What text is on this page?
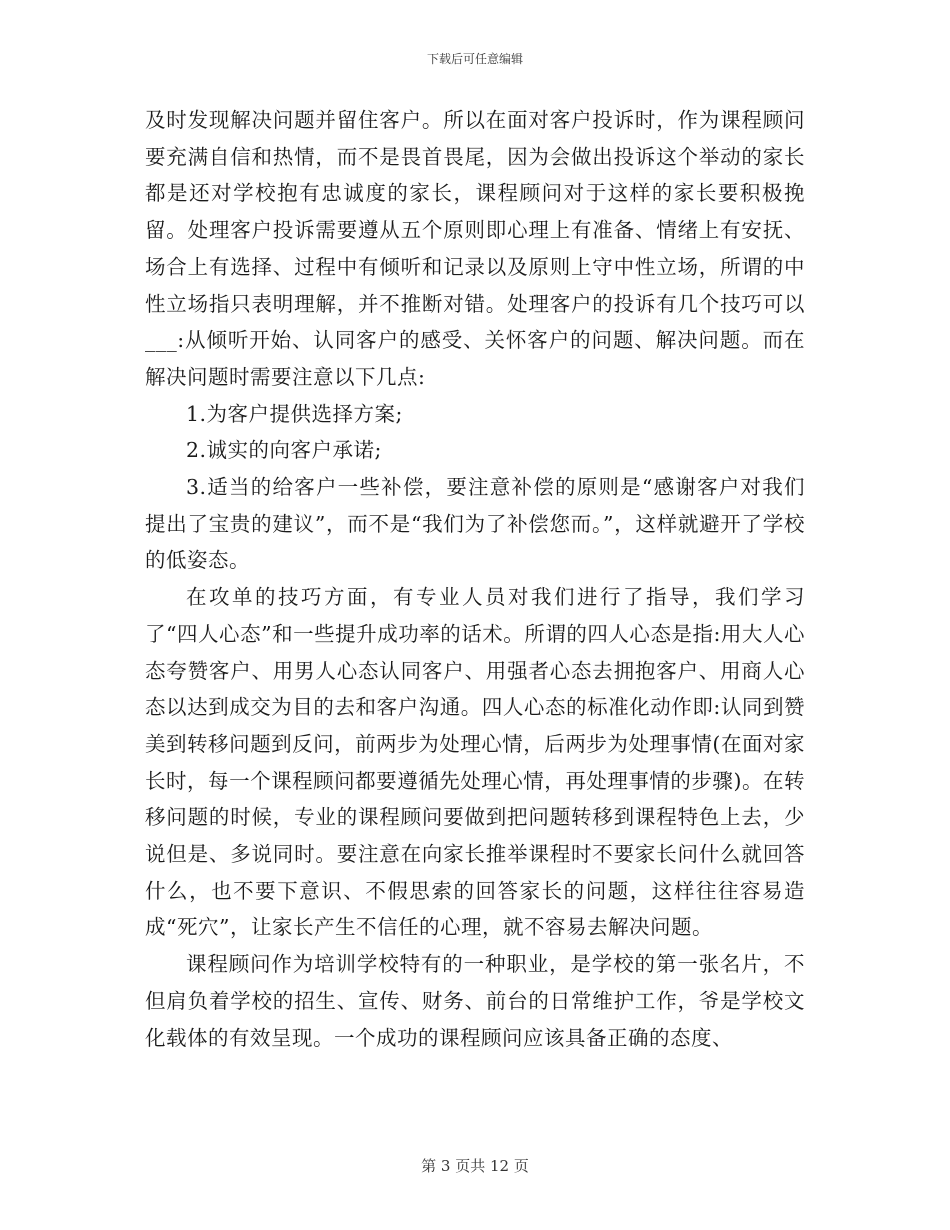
下载后可任意编辑

及时发现解决问题并留住客户。所以在面对客户投诉时，作为课程顾问要充满自信和热情，而不是畏首畏尾，因为会做出投诉这个举动的家长都是还对学校抱有忠诚度的家长，课程顾问对于这样的家长要积极挽留。处理客户投诉需要遵从五个原则即心理上有准备、情绪上有安抚、场合上有选择、过程中有倾听和记录以及原则上守中性立场，所谓的中性立场指只表明理解，并不推断对错。处理客户的投诉有几个技巧可以___:从倾听开始、认同客户的感受、关怀客户的问题、解决问题。而在解决问题时需要注意以下几点:

1.为客户提供选择方案;

2.诚实的向客户承诺;

3.适当的给客户一些补偿，要注意补偿的原则是“感谢客户对我们提出了宝贵的建议”，而不是“我们为了补偿您而。”，这样就避开了学校的低姿态。

在攻单的技巧方面，有专业人员对我们进行了指导，我们学习了“四人心态”和一些提升成功率的话术。所谓的四人心态是指:用大人心态夸赞客户、用男人心态认同客户、用强者心态去拥抱客户、用商人心态以达到成交为目的去和客户沟通。四人心态的标准化动作即:认同到赞美到转移问题到反问，前两步为处理心情，后两步为处理事情(在面对家长时，每一个课程顾问都要遵循先处理心情，再处理事情的步骤)。在转移问题的时候，专业的课程顾问要做到把问题转移到课程特色上去，少说但是、多说同时。要注意在向家长推举课程时不要家长问什么就回答什么，也不要下意识、不假思索的回答家长的问题，这样往往容易造成“死穴”，让家长产生不信任的心理，就不容易去解决问题。

课程顾问作为培训学校特有的一种职业，是学校的第一张名片，不但肩负着学校的招生、宣传、财务、前台的日常维护工作，爷是学校文化载体的有效呈现。一个成功的课程顾问应该具备正确的态度、

第 3 页共 12 页
